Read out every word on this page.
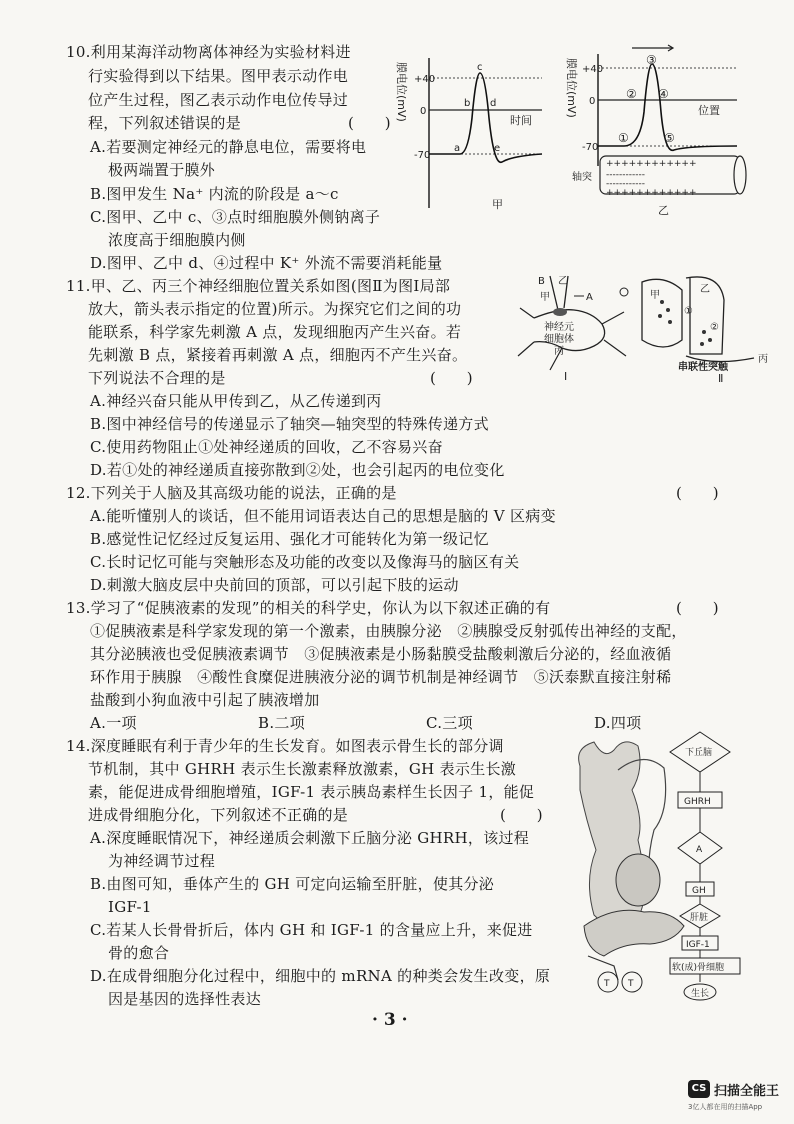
10.利用某海洋动物离体神经为实验材料进
行实验得到以下结果。图甲表示动作电
位产生过程，图乙表示动作电位传导过
程，下列叙述错误的是	(　　)
A.若要测定神经元的静息电位，需要将电
极两端置于膜外
B.图甲发生 Na⁺ 内流的阶段是 a～c
C.图甲、乙中 c、③点时细胞膜外侧钠离子
浓度高于细胞膜内侧
D.图甲、乙中 d、④过程中 K⁺ 外流不需要消耗能量
膜电位(mV) +40
0
-70
时间
a
b
c
d
e
甲
膜电位(mV) +40
0
-70
位置
①
②
③
④
⑤
++++++++++++
------------
------------
++++++++++++
轴突
乙
11.甲、乙、丙三个神经细胞位置关系如图(图Ⅱ为图Ⅰ局部
放大，箭头表示指定的位置)所示。为探究它们之间的功
能联系，科学家先刺激 A 点，发现细胞丙产生兴奋。若
先刺激 B 点，紧接着再刺激 A 点，细胞丙不产生兴奋。
下列说法不合理的是	(　　)
A.神经兴奋只能从甲传到乙，从乙传递到丙
B.图中神经信号的传递显示了轴突—轴突型的特殊传递方式
C.使用药物阻止①处神经递质的回收，乙不容易兴奋
D.若①处的神经递质直接弥散到②处，也会引起丙的电位变化
B 乙
甲	A
神经元
细胞体
丙
Ⅰ
甲
乙
①
②
丙
串联性突触
Ⅱ
12.下列关于人脑及其高级功能的说法，正确的是	(　　)
A.能听懂别人的谈话，但不能用词语表达自己的思想是脑的 V 区病变
B.感觉性记忆经过反复运用、强化才可能转化为第一级记忆
C.长时记忆可能与突触形态及功能的改变以及像海马的脑区有关
D.刺激大脑皮层中央前回的顶部，可以引起下肢的运动
13.学习了“促胰液素的发现”的相关的科学史，你认为以下叙述正确的有	(　　)
①促胰液素是科学家发现的第一个激素，由胰腺分泌　②胰腺受反射弧传出神经的支配，
其分泌胰液也受促胰液素调节　③促胰液素是小肠黏膜受盐酸刺激后分泌的，经血液循
环作用于胰腺　④酸性食糜促进胰液分泌的调节机制是神经调节　⑤沃泰默直接注射稀
盐酸到小狗血液中引起了胰液增加
A.一项	B.二项	C.三项	D.四项
14.深度睡眠有利于青少年的生长发育。如图表示骨生长的部分调
节机制，其中 GHRH 表示生长激素释放激素，GH 表示生长激
素，能促进成骨细胞增殖，IGF-1 表示胰岛素样生长因子 1，能促
进成骨细胞分化，下列叙述不正确的是	(　　)
A.深度睡眠情况下，神经递质会刺激下丘脑分泌 GHRH，该过程
为神经调节过程
B.由图可知，垂体产生的 GH 可定向运输至肝脏，使其分泌
IGF-1
C.若某人长骨骨折后，体内 GH 和 IGF-1 的含量应上升，来促进
骨的愈合
D.在成骨细胞分化过程中，细胞中的 mRNA 的种类会发生改变，原
因是基因的选择性表达
T T
下丘脑
GHRH
A
GH
肝脏
IGF-1
软(成)骨细胞
生长
· 3 ·
CS 扫描全能王
3亿人都在用的扫描App
